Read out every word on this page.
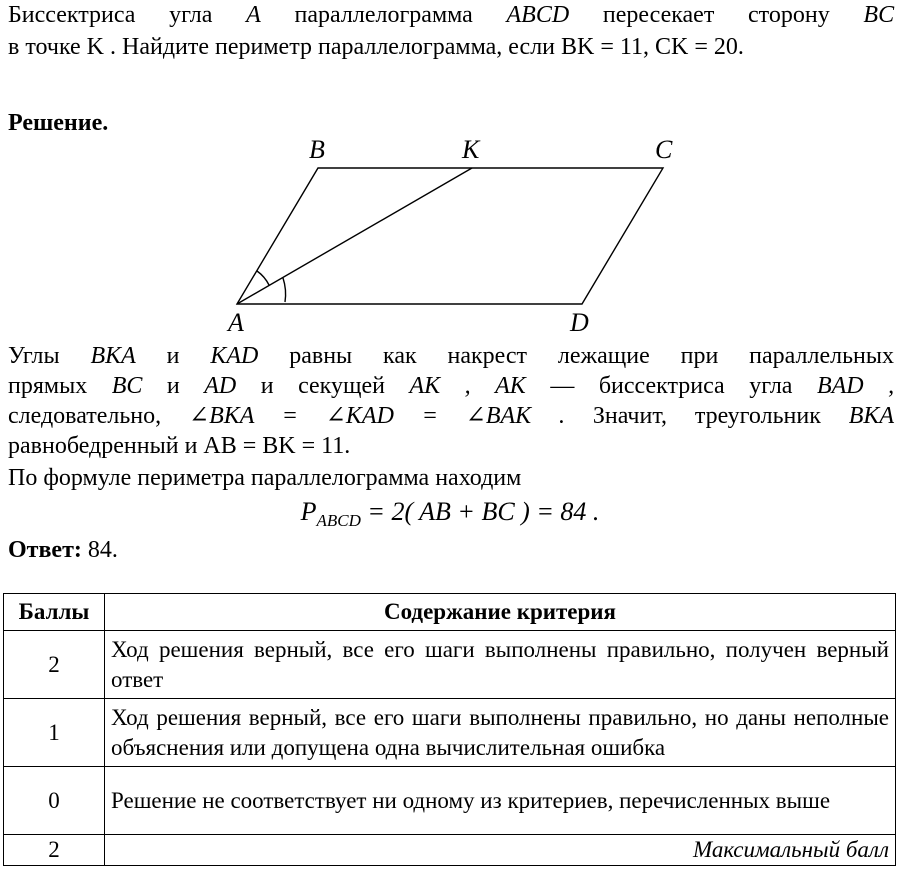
Биссектриса угла A параллелограмма ABCD пересекает сторону BC
в точке K . Найдите периметр параллелограмма, если BK = 11, CK = 20.
Решение.
B	K	C
A	D
Углы BKA и KAD равны как накрест лежащие при параллельных
прямых BC и AD и секущей AK , AK — биссектриса угла BAD ,
следовательно, ∠BKA = ∠KAD = ∠BAK . Значит, треугольник BKA
равнобедренный и AB = BK = 11.
По формуле периметра параллелограмма находим
$P_{ABCD} = 2$( AB + BC ) = 84 .
Ответ: 84.
Баллы	Содержание критерия
2	Ход решения верный, все его шаги выполнены правильно, получен верный ответ
1	Ход решения верный, все его шаги выполнены правильно, но даны неполные объяснения или допущена одна вычислительная ошибка
0	Решение не соответствует ни одному из критериев, перечисленных выше
2	Максимальный балл
